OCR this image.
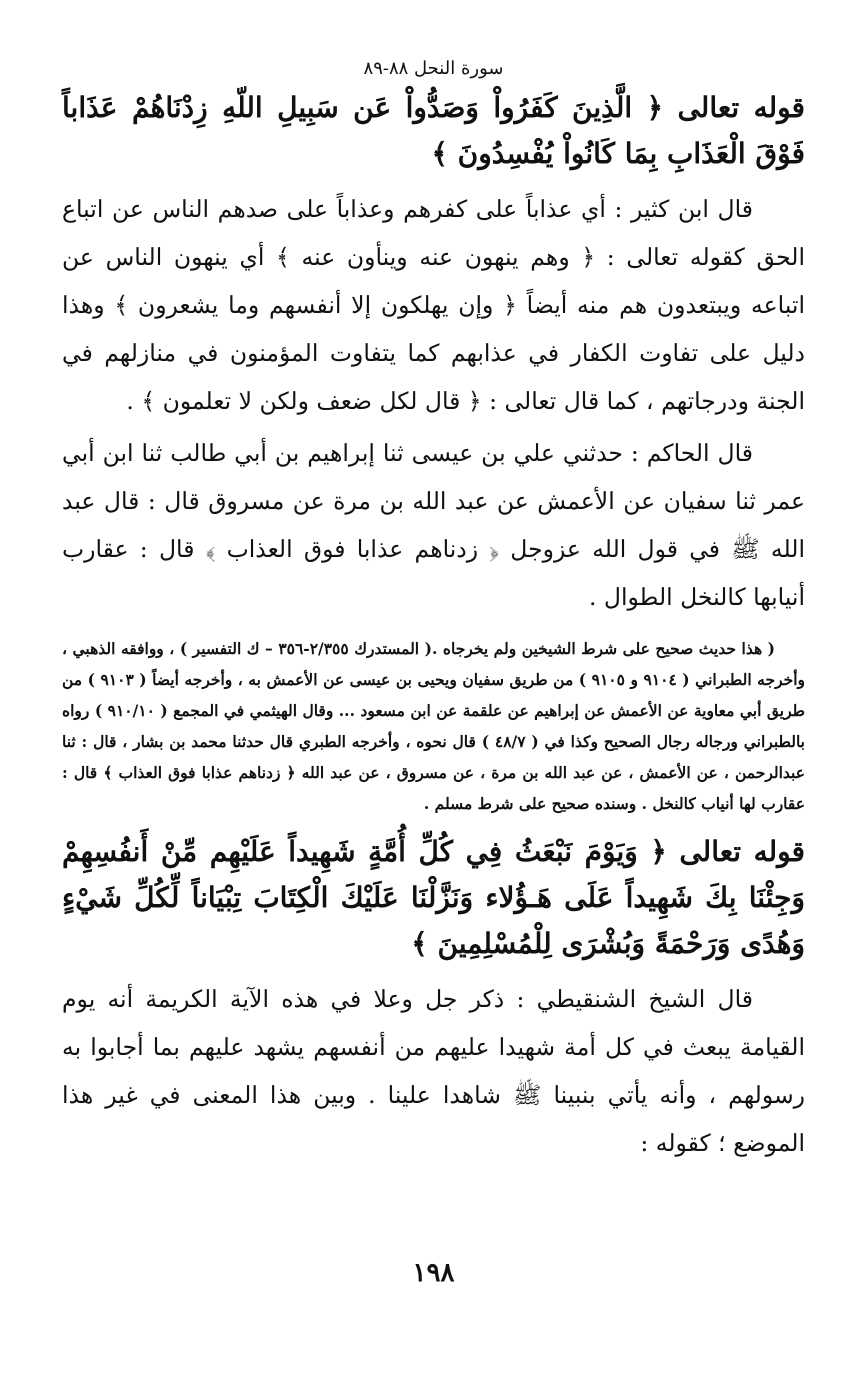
سورة النحل ٨٨-٨٩

قوله تعالى ﴿ الَّذِينَ كَفَرُواْ وَصَدُّواْ عَن سَبِيلِ اللّهِ زِدْنَاهُمْ عَذَاباً فَوْقَ الْعَذَابِ بِمَا كَانُواْ يُفْسِدُونَ ﴾

قال ابن كثير : أي عذاباً على كفرهم وعذاباً على صدهم الناس عن اتباع الحق كقوله تعالى : ﴿ وهم ينهون عنه وينأون عنه ﴾ أي ينهون الناس عن اتباعه ويبتعدون هم منه أيضاً ﴿ وإن يهلكون إلا أنفسهم وما يشعرون ﴾ وهذا دليل على تفاوت الكفار في عذابهم كما يتفاوت المؤمنون في منازلهم في الجنة ودرجاتهم ، كما قال تعالى : ﴿ قال لكل ضعف ولكن لا تعلمون ﴾ .

قال الحاكم : حدثني علي بن عيسى ثنا إبراهيم بن أبي طالب ثنا ابن أبي عمر ثنا سفيان عن الأعمش عن عبد الله بن مرة عن مسروق قال : قال عبد الله ﷺ في قول الله عزوجل ﴿ زدناهم عذابا فوق العذاب ﴾ قال : عقارب أنيابها كالنخل الطوال .

( هذا حديث صحيح على شرط الشيخين ولم يخرجاه .( المستدرك ٢/٣٥٥-٣٥٦ – ك التفسير ) ، ووافقه الذهبي ، وأخرجه الطبراني ( ٩١٠٤ و ٩١٠٥ ) من طريق سفيان ويحيى بن عيسى عن الأعمش به ، وأخرجه أيضاً ( ٩١٠٣ ) من طريق أبي معاوية عن الأعمش عن إبراهيم عن علقمة عن ابن مسعود ... وقال الهيثمي في المجمع ( ٩١٠/١٠ ) رواه بالطبراني ورجاله رجال الصحيح وكذا في ( ٤٨/٧ ) قال نحوه ، وأخرجه الطبري قال حدثنا محمد بن بشار ، قال : ثنا عبدالرحمن ، عن الأعمش ، عن عبد الله بن مرة ، عن مسروق ، عن عبد الله ﴿ زدناهم عذابا فوق العذاب ﴾ قال : عقارب لها أنياب كالنخل . وسنده صحيح على شرط مسلم .

قوله تعالى ﴿ وَيَوْمَ نَبْعَثُ فِي كُلِّ أُمَّةٍ شَهِيداً عَلَيْهِم مِّنْ أَنفُسِهِمْ وَجِئْنَا بِكَ شَهِيداً عَلَى هَـؤُلاء وَنَزَّلْنَا عَلَيْكَ الْكِتَابَ تِبْيَاناً لِّكُلِّ شَيْءٍ وَهُدًى وَرَحْمَةً وَبُشْرَى لِلْمُسْلِمِينَ ﴾

قال الشيخ الشنقيطي : ذكر جل وعلا في هذه الآية الكريمة أنه يوم القيامة يبعث في كل أمة شهيدا عليهم من أنفسهم يشهد عليهم بما أجابوا به رسولهم ، وأنه يأتي بنبينا ﷺ شاهدا علينا . وبين هذا المعنى في غير هذا الموضع ؛ كقوله :

١٩٨
